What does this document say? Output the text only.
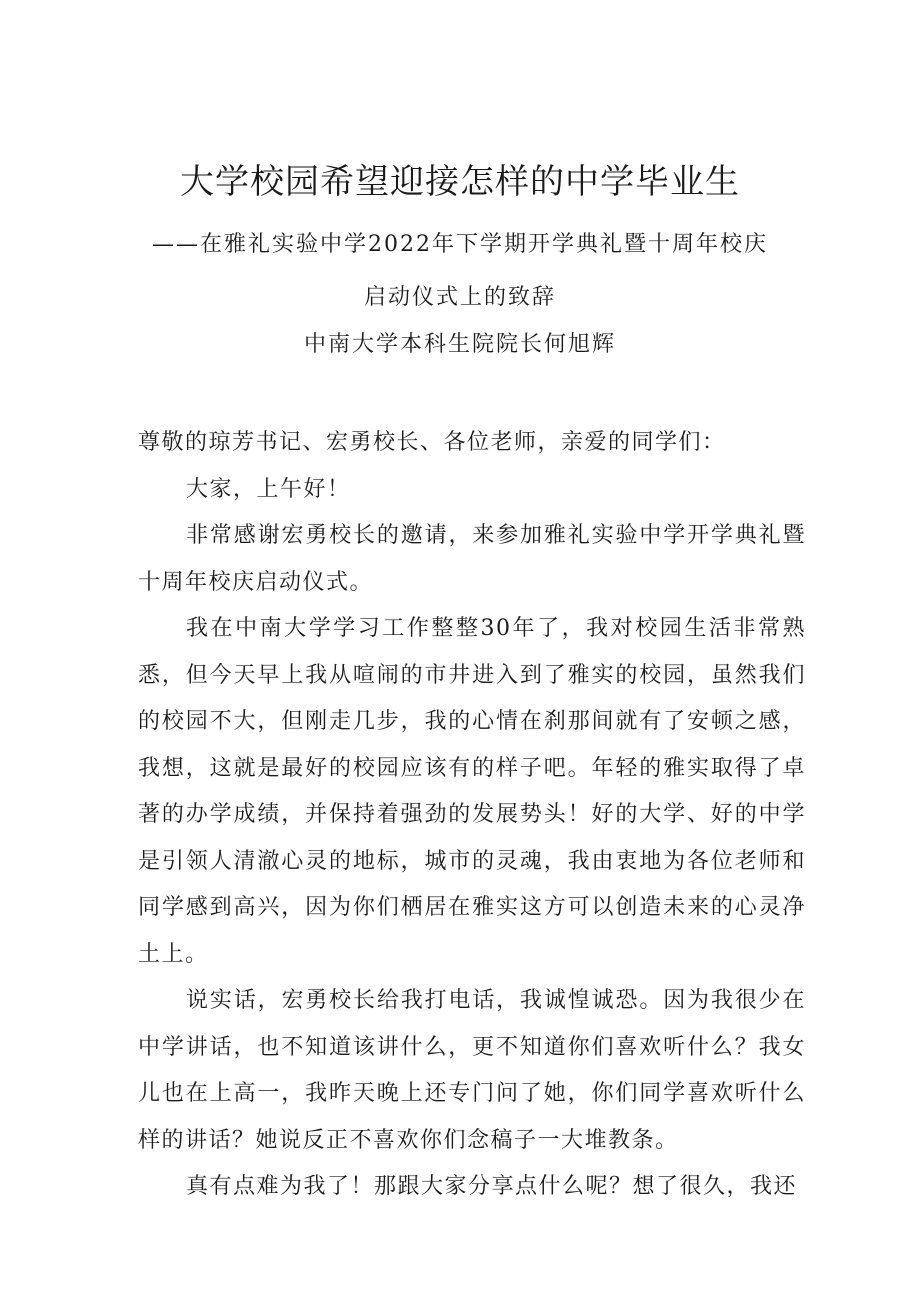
大学校园希望迎接怎样的中学毕业生
——在雅礼实验中学2022年下学期开学典礼暨十周年校庆
启动仪式上的致辞
中南大学本科生院院长何旭辉

尊敬的琼芳书记、宏勇校长、各位老师，亲爱的同学们：

大家，上午好！

非常感谢宏勇校长的邀请，来参加雅礼实验中学开学典礼暨十周年校庆启动仪式。

我在中南大学学习工作整整30年了，我对校园生活非常熟悉，但今天早上我从喧闹的市井进入到了雅实的校园，虽然我们的校园不大，但刚走几步，我的心情在刹那间就有了安顿之感，我想，这就是最好的校园应该有的样子吧。年轻的雅实取得了卓著的办学成绩，并保持着强劲的发展势头！好的大学、好的中学是引领人清澈心灵的地标，城市的灵魂，我由衷地为各位老师和同学感到高兴，因为你们栖居在雅实这方可以创造未来的心灵净土上。

说实话，宏勇校长给我打电话，我诚惶诚恐。因为我很少在中学讲话，也不知道该讲什么，更不知道你们喜欢听什么？我女儿也在上高一，我昨天晚上还专门问了她，你们同学喜欢听什么样的讲话？她说反正不喜欢你们念稿子一大堆教条。

真有点难为我了！那跟大家分享点什么呢？想了很久，我还
